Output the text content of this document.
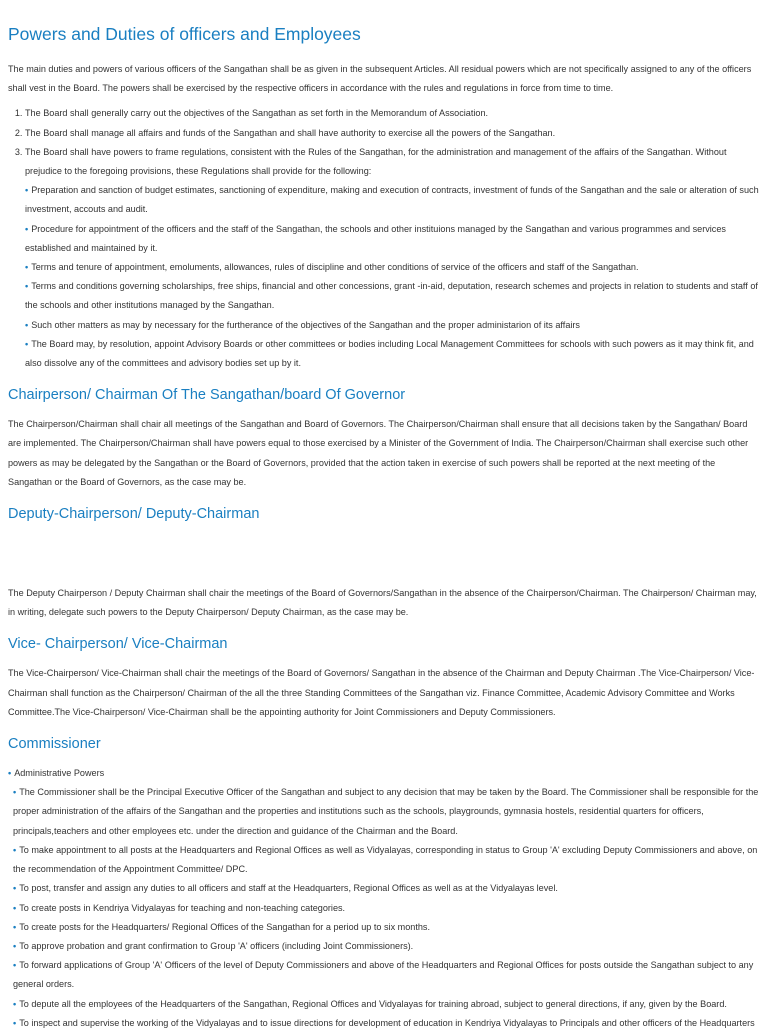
Powers and Duties of officers and Employees

The main duties and powers of various officers of the Sangathan shall be as given in the subsequent Articles. All residual powers which are not specifically assigned to any of the officers shall vest in the Board. The powers shall be exercised by the respective officers in accordance with the rules and regulations in force from time to time.

1. The Board shall generally carry out the objectives of the Sangathan as set forth in the Memorandum of Association.
2. The Board shall manage all affairs and funds of the Sangathan and shall have authority to exercise all the powers of the Sangathan.
3. The Board shall have powers to frame regulations, consistent with the Rules of the Sangathan, for the administration and management of the affairs of the Sangathan. Without prejudice to the foregoing provisions, these Regulations shall provide for the following:
• Preparation and sanction of budget estimates, sanctioning of expenditure, making and execution of contracts, investment of funds of the Sangathan and the sale or alteration of such investment, accouts and audit.
• Procedure for appointment of the officers and the staff of the Sangathan, the schools and other instituions managed by the Sangathan and various programmes and services established and maintained by it.
• Terms and tenure of appointment, emoluments, allowances, rules of discipline and other conditions of service of the officers and staff of the Sangathan.
• Terms and conditions governing scholarships, free ships, financial and other concessions, grant -in-aid, deputation, research schemes and projects in relation to students and staff of the schools and other institutions managed by the Sangathan.
• Such other matters as may by necessary for the furtherance of the objectives of the Sangathan and the proper administarion of its affairs
• The Board may, by resolution, appoint Advisory Boards or other committees or bodies including Local Management Committees for schools with such powers as it may think fit, and also dissolve any of the committees and advisory bodies set up by it.
Chairperson/ Chairman Of The Sangathan/board Of Governor

The Chairperson/Chairman shall chair all meetings of the Sangathan and Board of Governors. The Chairperson/Chairman shall ensure that all decisions taken by the Sangathan/ Board are implemented. The Chairperson/Chairman shall have powers equal to those exercised by a Minister of the Government of India. The Chairperson/Chairman shall exercise such other powers as may be delegated by the Sangathan or the Board of Governors, provided that the action taken in exercise of such powers shall be reported at the next meeting of the Sangathan or the Board of Governors, as the case may be.

Deputy-Chairperson/ Deputy-Chairman

The Deputy Chairperson / Deputy Chairman shall chair the meetings of the Board of Governors/Sangathan in the absence of the Chairperson/Chairman. The Chairperson/ Chairman may, in writing, delegate such powers to the Deputy Chairperson/ Deputy Chairman, as the case may be.

Vice- Chairperson/ Vice-Chairman

The Vice-Chairperson/ Vice-Chairman shall chair the meetings of the Board of Governors/ Sangathan in the absence of the Chairman and Deputy Chairman .The Vice-Chairperson/ Vice-Chairman shall function as the Chairperson/ Chairman of the all the three Standing Committees of the Sangathan viz. Finance Committee, Academic Advisory Committee and Works Committee.The Vice-Chairperson/ Vice-Chairman shall be the appointing authority for Joint Commissioners and Deputy Commissioners.

Commissioner
• Administrative Powers
• The Commissioner shall be the Principal Executive Officer of the Sangathan and subject to any decision that may be taken by the Board. The Commissioner shall be responsible for the proper administration of the affairs of the Sangathan and the properties and institutions such as the schools, playgrounds, gymnasia hostels, residential quarters for officers, principals,teachers and other employees etc. under the direction and guidance of the Chairman and the Board.
• To make appointment to all posts at the Headquarters and Regional Offices as well as Vidyalayas, corresponding in status to Group 'A' excluding Deputy Commissioners and above, on the recommendation of the Appointment Committee/ DPC.
• To post, transfer and assign any duties to all officers and staff at the Headquarters, Regional Offices as well as at the Vidyalayas level.
• To create posts in Kendriya Vidyalayas for teaching and non-teaching categories.
• To create posts for the Headquarters/ Regional Offices of the Sangathan for a period up to six months.
• To approve probation and grant confirmation to Group 'A' officers (including Joint Commissioners).
• To forward applications of Group 'A' Officers of the level of Deputy Commissioners and above of the Headquarters and Regional Offices for posts outside the Sangathan subject to any general orders.
• To depute all the employees of the Headquarters of the Sangathan, Regional Offices and Vidyalayas for training abroad, subject to general directions, if any, given by the Board.
• To inspect and supervise the working of the Vidyalayas and to issue directions for development of education in Kendriya Vidyalayas to Principals and other officers of the Headquarters
